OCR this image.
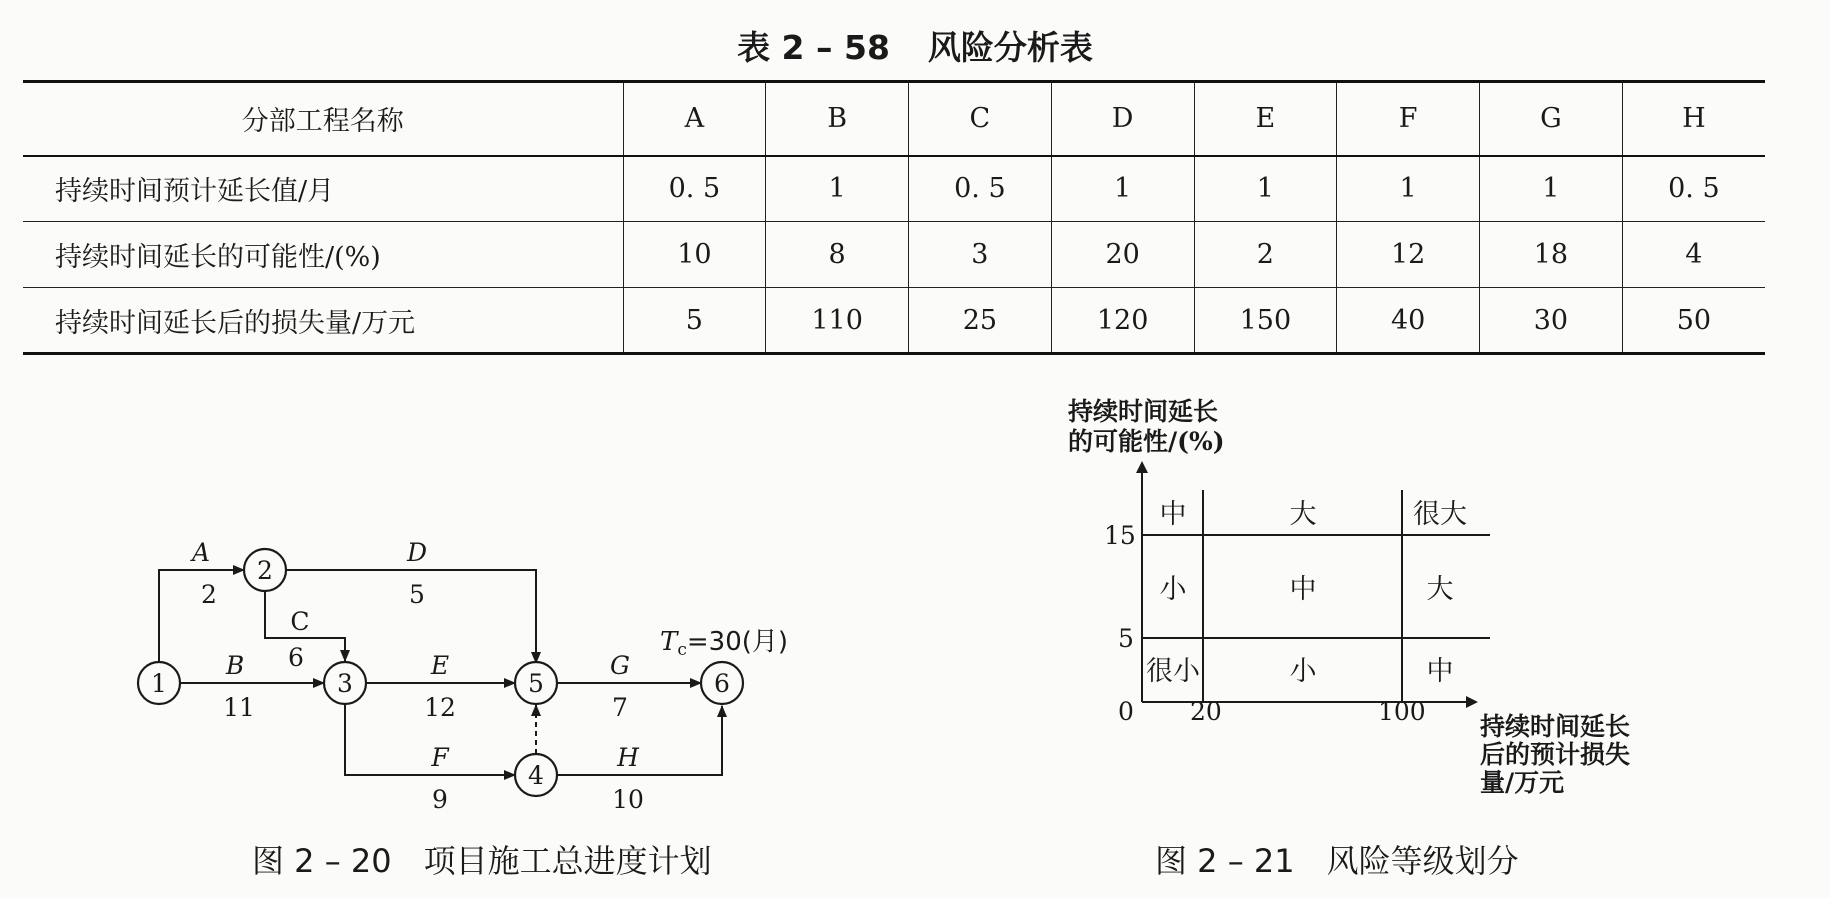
表 2 – 58 风险分析表
分部工程名称	A	B	C	D	E	F	G	H
持续时间预计延长值/月	0. 5	1	0. 5	1	1	1	1	0. 5
持续时间延长的可能性/(%)	10	8	3	20	2	12	18	4
持续时间延长后的损失量/万元	5	110	25	120	150	40	30	50
1
2
3
4
5	6
A
2
B
11
C
6
D
5
E
12
F
9
G
7
H
10
Tc=30(月)
图 2 – 20　项目施工总进度计划
持续时间延长
的可能性/(%)
15
5
0 20	100
中	大	很大
小	中	大
很小	小	中
持续时间延长
后的预计损失
量/万元
图 2 – 21　风险等级划分
